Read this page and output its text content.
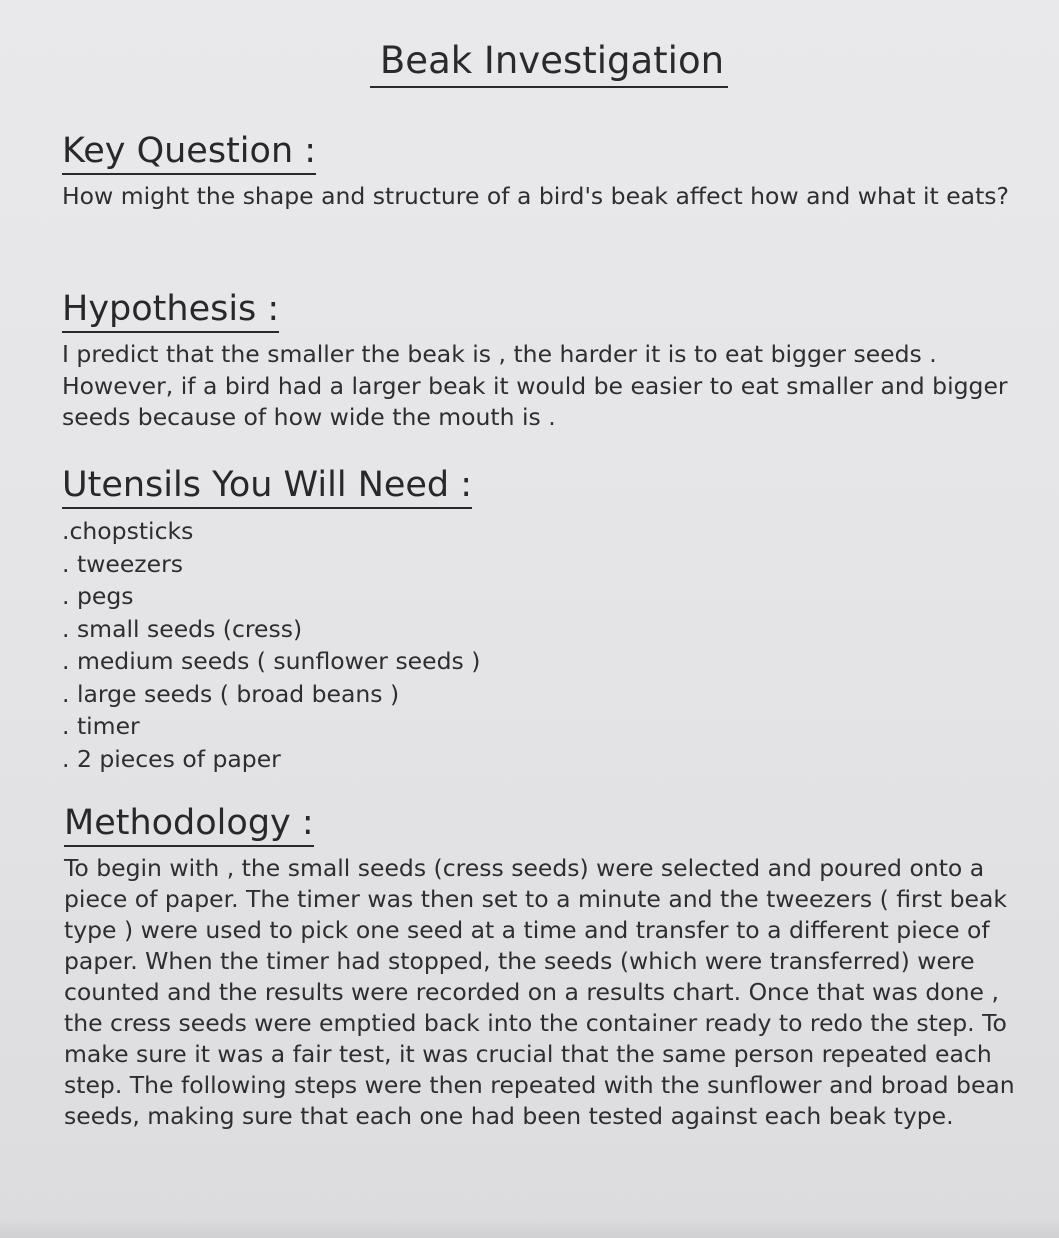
Beak Investigation
Key Question :

How might the shape and structure of a bird's beak affect how and what it eats?

Hypothesis :

I predict that the smaller the beak is , the harder it is to eat bigger seeds . However, if a bird had a larger beak it would be easier to eat smaller and bigger seeds because of how wide the mouth is .

Utensils You Will Need :
.chopsticks
. tweezers
. pegs
. small seeds (cress)
. medium seeds ( sunflower seeds )
. large seeds ( broad beans )
. timer
. 2 pieces of paper
Methodology :

To begin with , the small seeds (cress seeds) were selected and poured onto a piece of paper. The timer was then set to a minute and the tweezers ( first beak type ) were used to pick one seed at a time and transfer to a different piece of paper. When the timer had stopped, the seeds (which were transferred) were counted and the results were recorded on a results chart. Once that was done , the cress seeds were emptied back into the container ready to redo the step. To make sure it was a fair test, it was crucial that the same person repeated each step. The following steps were then repeated with the sunflower and broad bean seeds, making sure that each one had been tested against each beak type.
